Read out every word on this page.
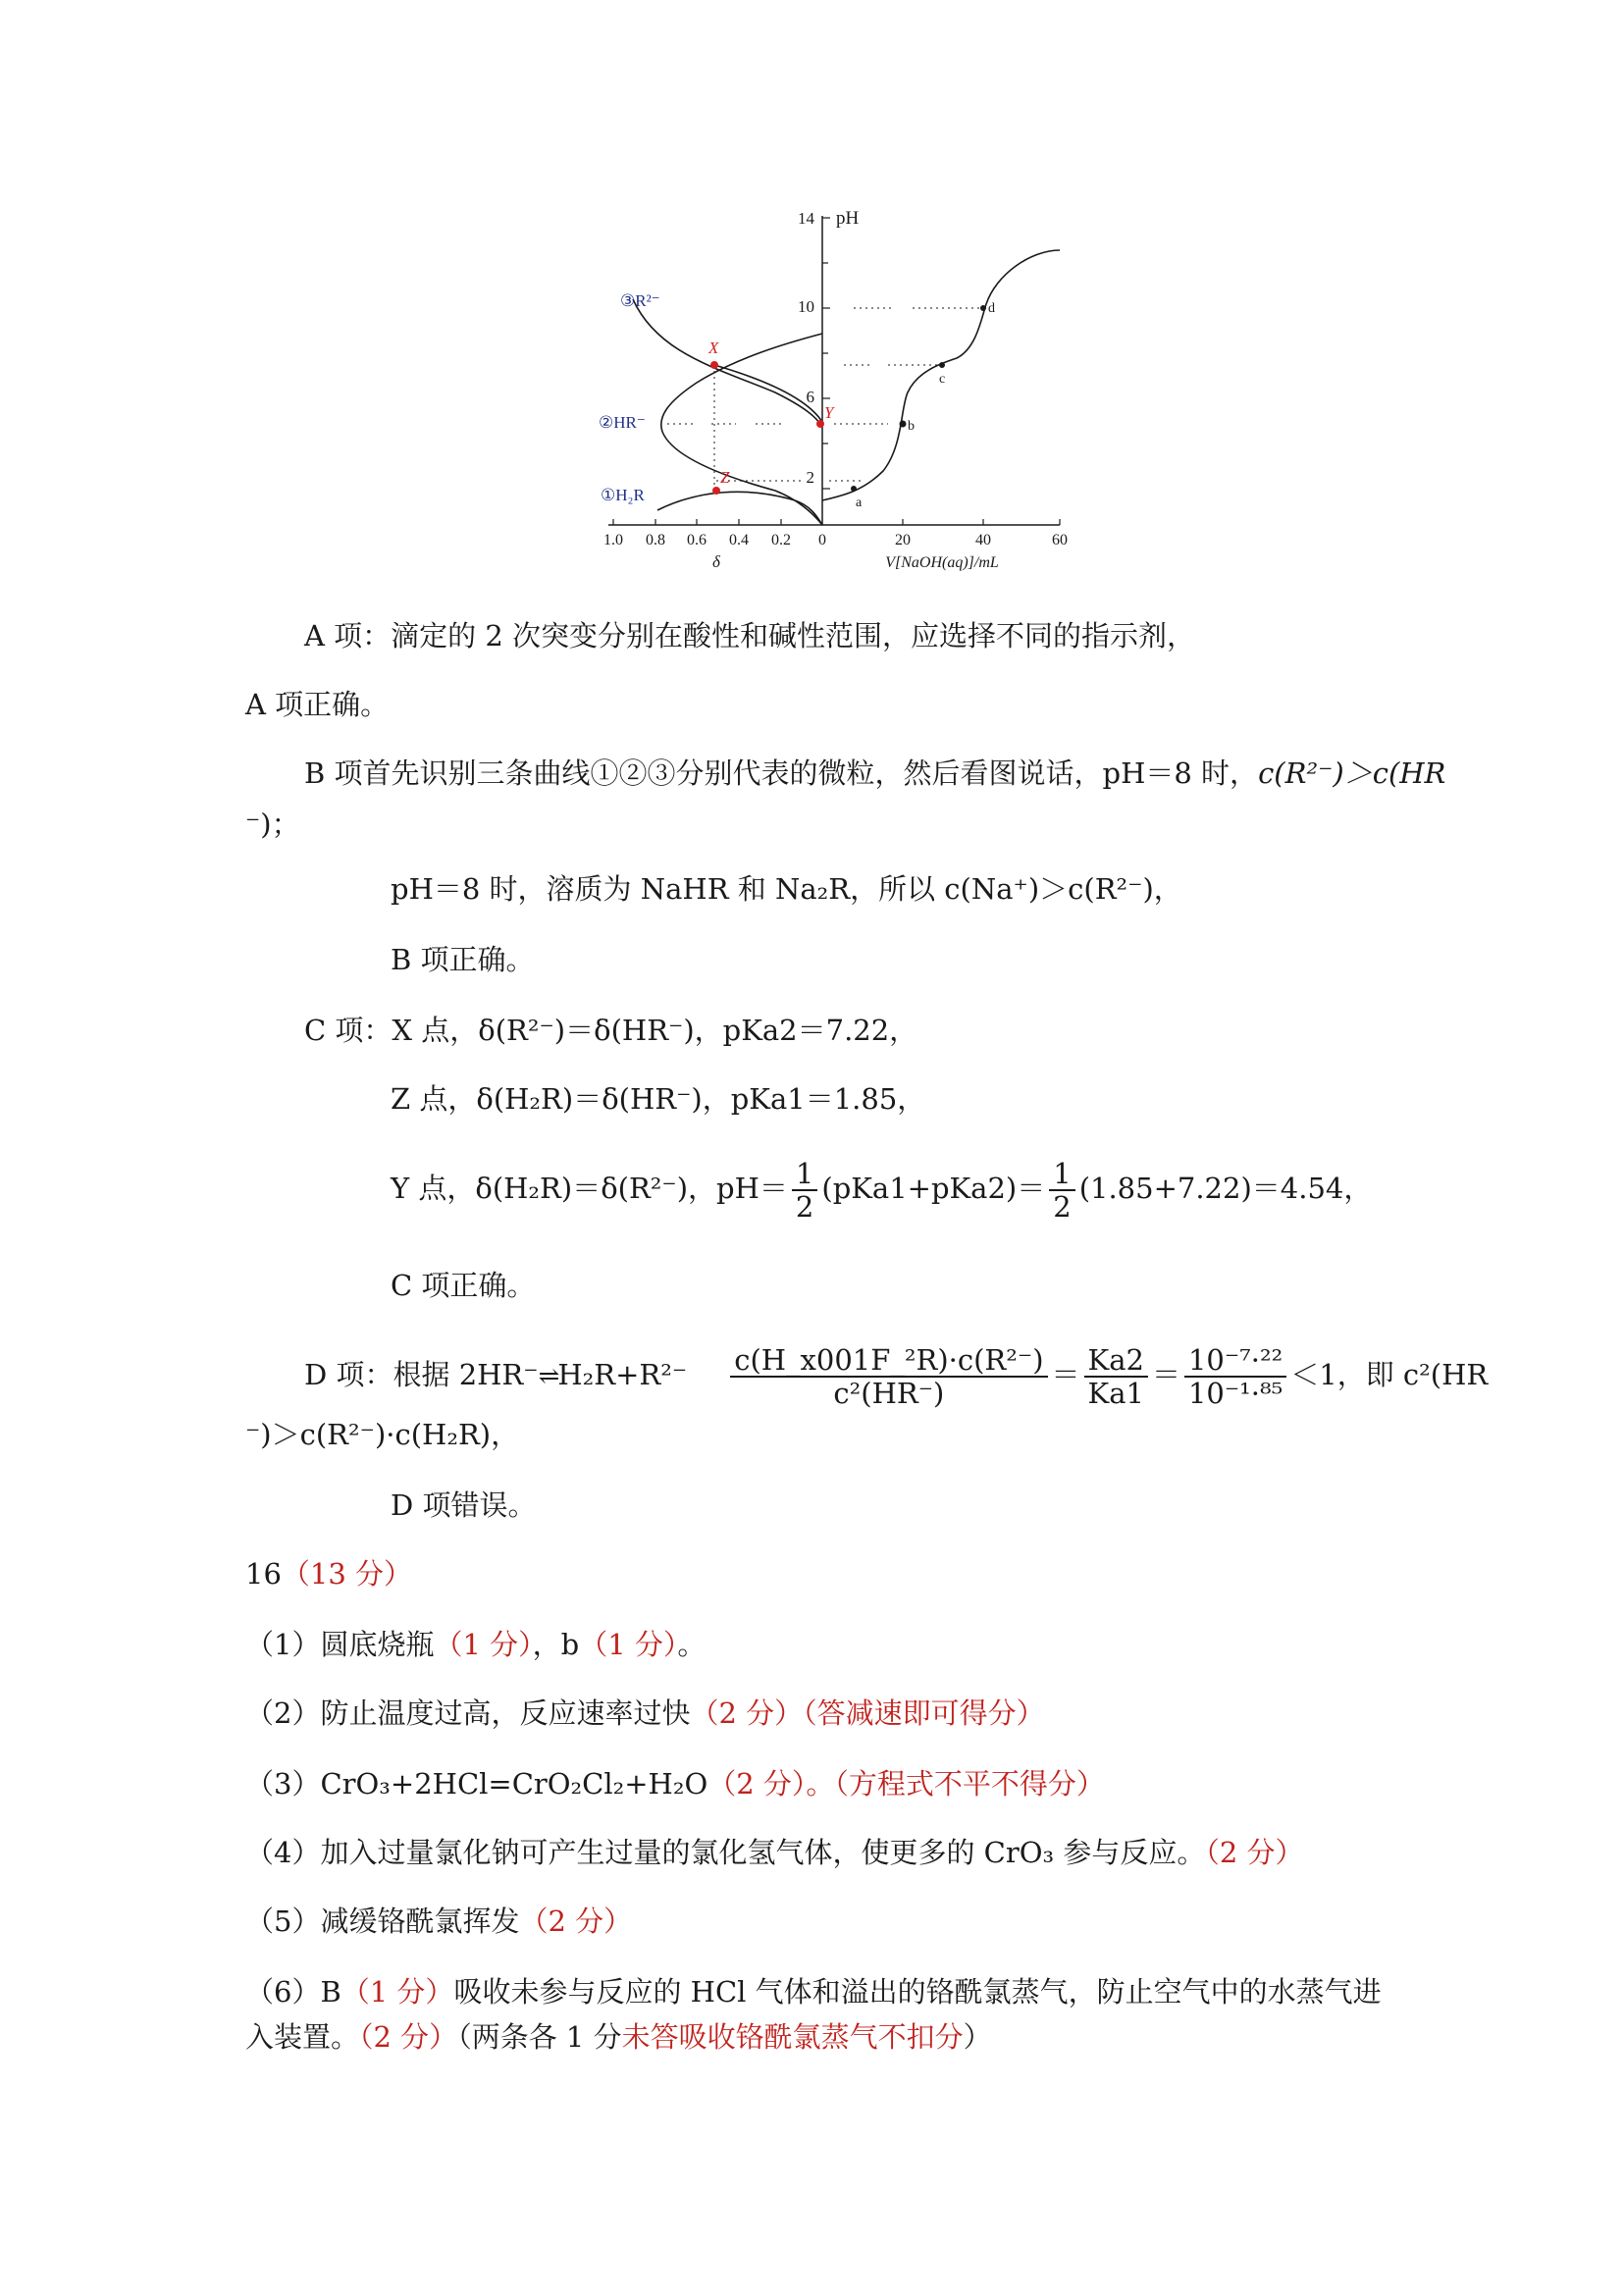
14 pH
10
6
2
1.0 0.8 0.6 0.4 0.2 0	20	40	60
δ	V[NaOH(aq)]/mL
X
Y
Z
a
b
c
d
③R²⁻
②HR⁻
①H₂R
A 项：滴定的 2 次突变分别在酸性和碱性范围，应选择不同的指示剂，
A 项正确。
B 项首先识别三条曲线①②③分别代表的微粒，然后看图说话，pH＝8 时，c(R²⁻)＞c(HR
⁻)；
pH＝8 时，溶质为 NaHR 和 Na₂R，所以 c(Na⁺)＞c(R²⁻)，
B 项正确。
C 项：X 点，δ(R²⁻)＝δ(HR⁻)，pKa2＝7.22，
Z 点，δ(H₂R)＝δ(HR⁻)，pKa1＝1.85，
Y 点，δ(H₂R)＝δ(R²⁻)，$pH= \frac{1}{2} (pKa1+pKa2)= \frac{1}{2} (1.85+7.22)=4.54$，
C 项正确。
D 项：根据 2HR⁻⇌H₂R+R²⁻ $\frac{\text{c(H\_x001F\_²R)·c(R²⁻)}}{\text{c²(HR⁻)}} = \frac{Ka2}{Ka1} = \frac{\text{10⁻⁷·²²}}{\text{10⁻¹·⁸⁵}} <1$，即 c²(HR
⁻)＞c(R²⁻)·c(H₂R)，
D 项错误。
16（13 分）
（1）圆底烧瓶（1 分），b（1 分）。
（2）防止温度过高，反应速率过快（2 分）（答减速即可得分）
（3）CrO₃+2HCl=CrO₂Cl₂+H₂O（2 分）。（方程式不平不得分）
（4）加入过量氯化钠可产生过量的氯化氢气体，使更多的 CrO₃ 参与反应。（2 分）
（5）减缓铬酰氯挥发（2 分）
（6）B（1 分）吸收未参与反应的 HCl 气体和溢出的铬酰氯蒸气，防止空气中的水蒸气进
入装置。（2 分）（两条各 1 分未答吸收铬酰氯蒸气不扣分）
